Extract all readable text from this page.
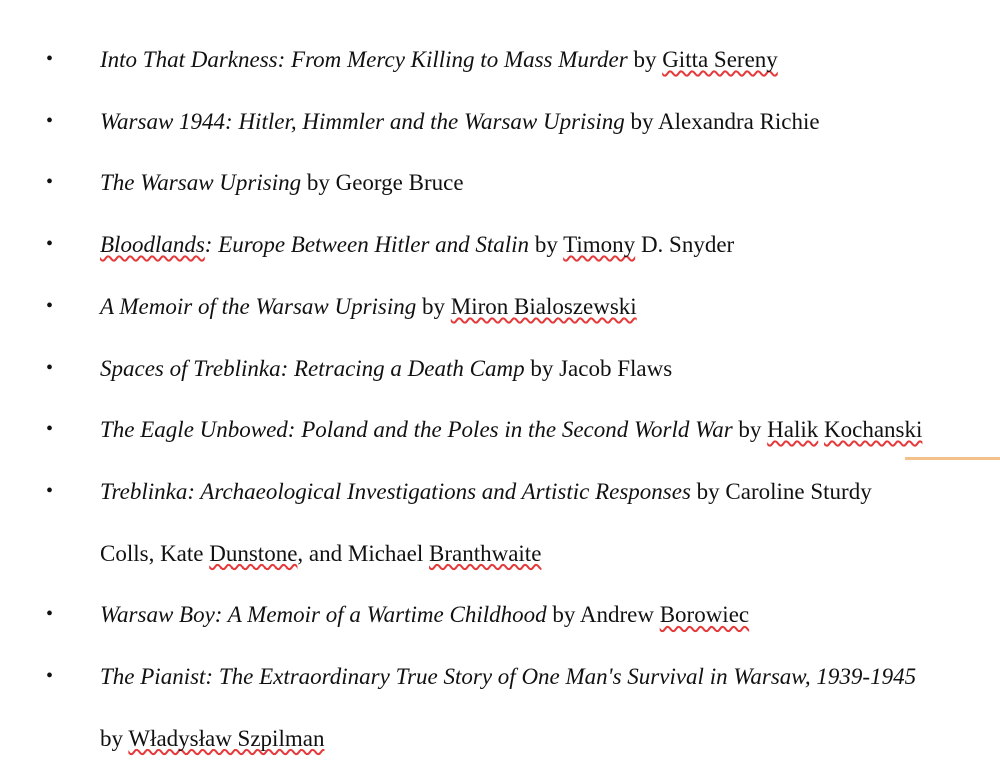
• Into That Darkness: From Mercy Killing to Mass Murder by Gitta Sereny
• Warsaw 1944: Hitler, Himmler and the Warsaw Uprising by Alexandra Richie
• The Warsaw Uprising by George Bruce
• Bloodlands: Europe Between Hitler and Stalin by Timony D. Snyder
• A Memoir of the Warsaw Uprising by Miron Bialoszewski
• Spaces of Treblinka: Retracing a Death Camp by Jacob Flaws
• The Eagle Unbowed: Poland and the Poles in the Second World War by Halik Kochanski
• Treblinka: Archaeological Investigations and Artistic Responses by Caroline Sturdy
Colls, Kate Dunstone, and Michael Branthwaite
• Warsaw Boy: A Memoir of a Wartime Childhood by Andrew Borowiec
• The Pianist: The Extraordinary True Story of One Man's Survival in Warsaw, 1939-1945
by Władysław Szpilman
